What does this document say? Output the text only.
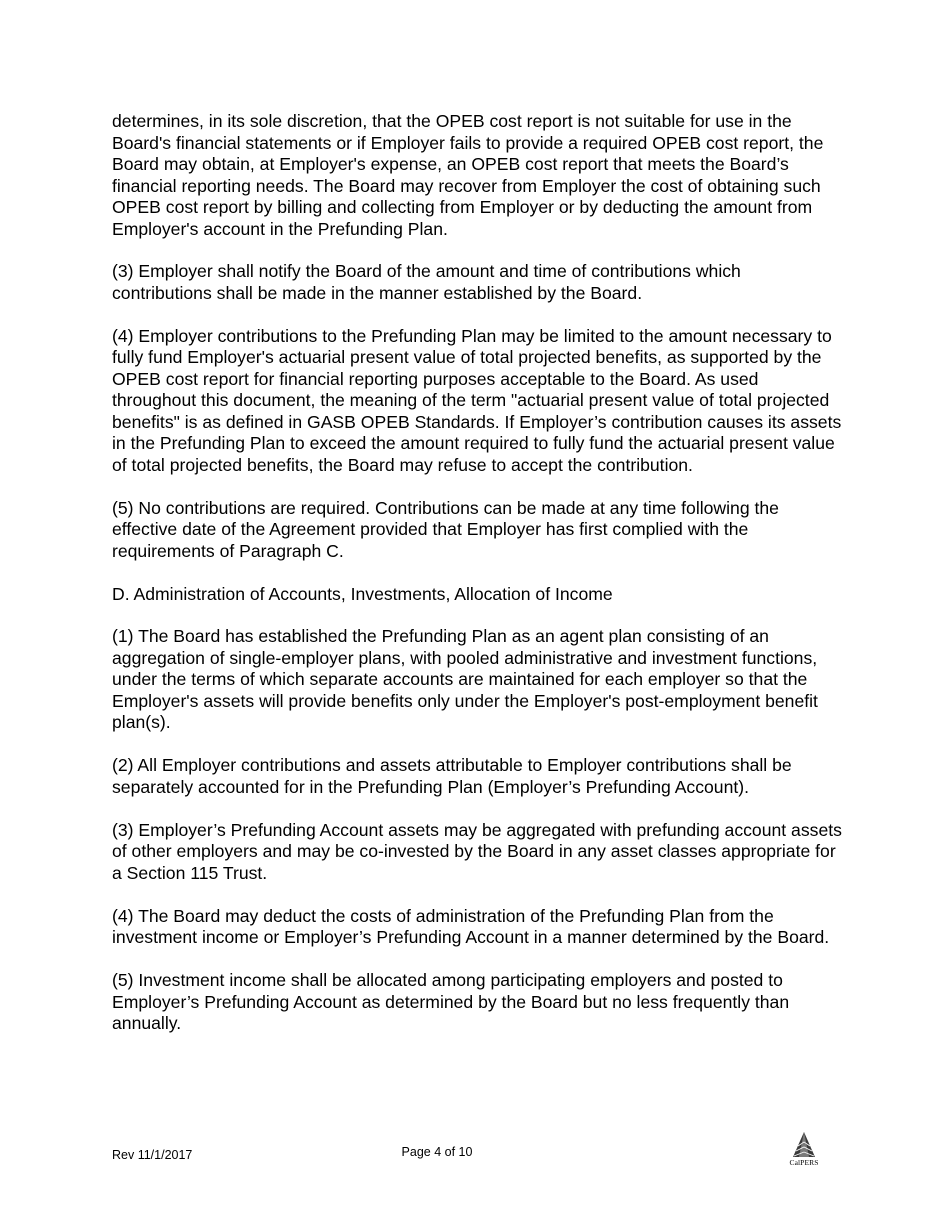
determines, in its sole discretion, that the OPEB cost report is not suitable for use in the Board's financial statements or if Employer fails to provide a required OPEB cost report, the Board may obtain, at Employer's expense, an OPEB cost report that meets the Board’s financial reporting needs. The Board may recover from Employer the cost of obtaining such OPEB cost report by billing and collecting from Employer or by deducting the amount from Employer's account in the Prefunding Plan.

(3) Employer shall notify the Board of the amount and time of contributions which contributions shall be made in the manner established by the Board.

(4) Employer contributions to the Prefunding Plan may be limited to the amount necessary to fully fund Employer's actuarial present value of total projected benefits, as supported by the OPEB cost report for financial reporting purposes acceptable to the Board. As used throughout this document, the meaning of the term "actuarial present value of total projected benefits" is as defined in GASB OPEB Standards. If Employer’s contribution causes its assets in the Prefunding Plan to exceed the amount required to fully fund the actuarial present value of total projected benefits, the Board may refuse to accept the contribution.

(5) No contributions are required. Contributions can be made at any time following the effective date of the Agreement provided that Employer has first complied with the requirements of Paragraph C.

D. Administration of Accounts, Investments, Allocation of Income

(1) The Board has established the Prefunding Plan as an agent plan consisting of an aggregation of single-employer plans, with pooled administrative and investment functions, under the terms of which separate accounts are maintained for each employer so that the Employer's assets will provide benefits only under the Employer's post-employment benefit plan(s).

(2) All Employer contributions and assets attributable to Employer contributions shall be separately accounted for in the Prefunding Plan (Employer’s Prefunding Account).

(3) Employer’s Prefunding Account assets may be aggregated with prefunding account assets of other employers and may be co-invested by the Board in any asset classes appropriate for a Section 115 Trust.

(4) The Board may deduct the costs of administration of the Prefunding Plan from the investment income or Employer’s Prefunding Account in a manner determined by the Board.

(5) Investment income shall be allocated among participating employers and posted to Employer’s Prefunding Account as determined by the Board but no less frequently than annually.

Rev 11/1/2017	Page 4 of 10
CalPERS
